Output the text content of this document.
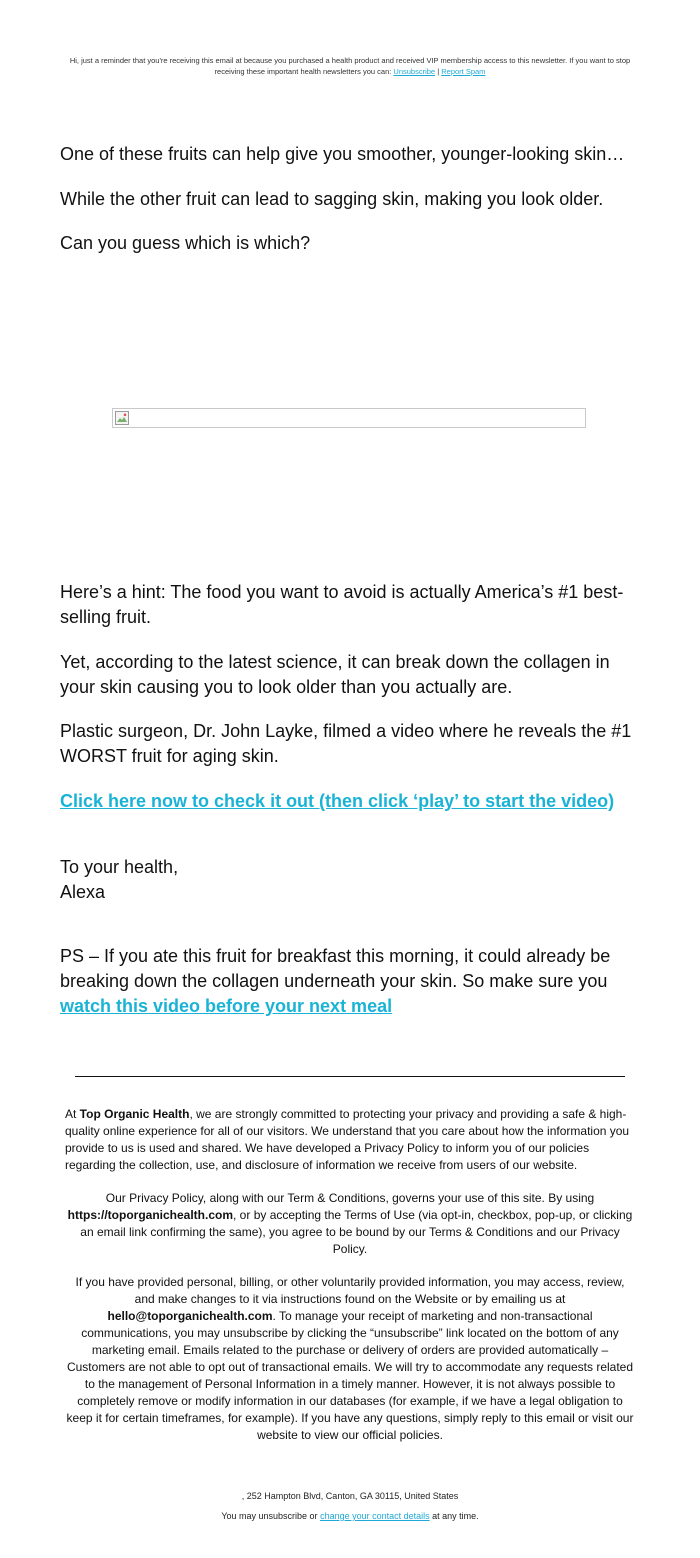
Hi, just a reminder that you're receiving this email at because you purchased a health product and received VIP membership access to this newsletter. If you want to stop receiving these important health newsletters you can: Unsubscribe | Report Spam
One of these fruits can help give you smoother, younger-looking skin…
While the other fruit can lead to sagging skin, making you look older.
Can you guess which is which?
Here’s a hint: The food you want to avoid is actually America’s #1 best-selling fruit.
Yet, according to the latest science, it can break down the collagen in your skin causing you to look older than you actually are.
Plastic surgeon, Dr. John Layke, filmed a video where he reveals the #1 WORST fruit for aging skin.
Click here now to check it out (then click ‘play’ to start the video)
To your health,
Alexa
PS – If you ate this fruit for breakfast this morning, it could already be breaking down the collagen underneath your skin. So make sure you watch this video before your next meal
At Top Organic Health, we are strongly committed to protecting your privacy and providing a safe & high-quality online experience for all of our visitors. We understand that you care about how the information you provide to us is used and shared. We have developed a Privacy Policy to inform you of our policies regarding the collection, use, and disclosure of information we receive from users of our website.
Our Privacy Policy, along with our Term & Conditions, governs your use of this site. By using https://toporganichealth.com, or by accepting the Terms of Use (via opt-in, checkbox, pop-up, or clicking an email link confirming the same), you agree to be bound by our Terms & Conditions and our Privacy Policy.
If you have provided personal, billing, or other voluntarily provided information, you may access, review, and make changes to it via instructions found on the Website or by emailing us at hello@toporganichealth.com. To manage your receipt of marketing and non-transactional communications, you may unsubscribe by clicking the “unsubscribe” link located on the bottom of any marketing email. Emails related to the purchase or delivery of orders are provided automatically – Customers are not able to opt out of transactional emails. We will try to accommodate any requests related to the management of Personal Information in a timely manner. However, it is not always possible to completely remove or modify information in our databases (for example, if we have a legal obligation to keep it for certain timeframes, for example). If you have any questions, simply reply to this email or visit our website to view our official policies.
, 252 Hampton Blvd, Canton, GA 30115, United States
You may unsubscribe or change your contact details at any time.
